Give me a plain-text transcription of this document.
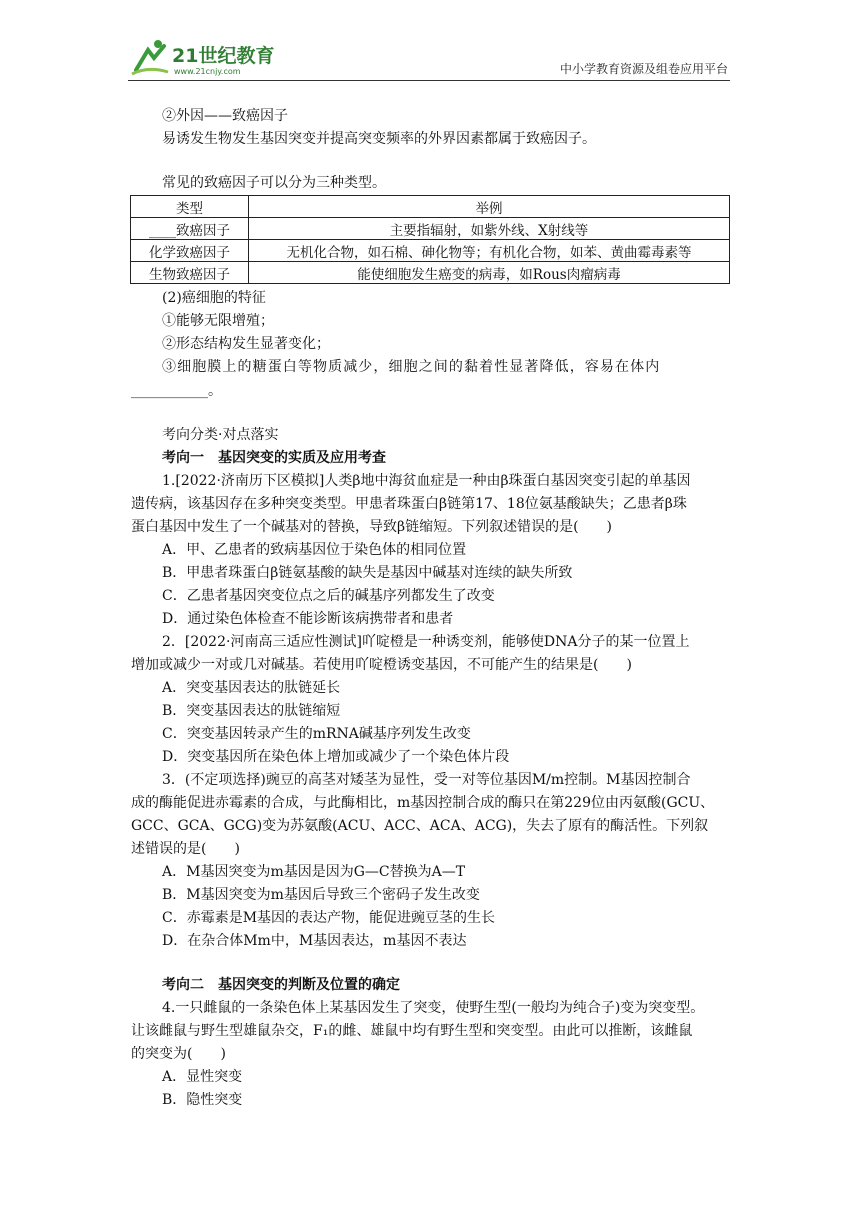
21世纪教育
www.21cnjy.com	中小学教育资源及组卷应用平台
②外因——致癌因子
易诱发生物发生基因突变并提高突变频率的外界因素都属于致癌因子。
常见的致癌因子可以分为三种类型。
类型	举例
____致癌因子	主要指辐射，如紫外线、X射线等
化学致癌因子	无机化合物，如石棉、砷化物等；有机化合物，如苯、黄曲霉毒素等
生物致癌因子	能使细胞发生癌变的病毒，如Rous肉瘤病毒
(2)癌细胞的特征
①能够无限增殖；
②形态结构发生显著变化；
③细胞膜上的糖蛋白等物质减少，细胞之间的黏着性显著降低，容易在体内
___________。
考向分类·对点落实
考向一　基因突变的实质及应用考查
1.[2022·济南历下区模拟]人类β地中海贫血症是一种由β珠蛋白基因突变引起的单基因
遗传病，该基因存在多种突变类型。甲患者珠蛋白β链第17、18位氨基酸缺失；乙患者β珠
蛋白基因中发生了一个碱基对的替换，导致β链缩短。下列叙述错误的是(　　)
A．甲、乙患者的致病基因位于染色体的相同位置
B．甲患者珠蛋白β链氨基酸的缺失是基因中碱基对连续的缺失所致
C．乙患者基因突变位点之后的碱基序列都发生了改变
D．通过染色体检查不能诊断该病携带者和患者
2．[2022·河南高三适应性测试]吖啶橙是一种诱变剂，能够使DNA分子的某一位置上
增加或减少一对或几对碱基。若使用吖啶橙诱变基因，不可能产生的结果是(　　)
A．突变基因表达的肽链延长
B．突变基因表达的肽链缩短
C．突变基因转录产生的mRNA碱基序列发生改变
D．突变基因所在染色体上增加或减少了一个染色体片段
3．(不定项选择)豌豆的高茎对矮茎为显性，受一对等位基因M/m控制。M基因控制合
成的酶能促进赤霉素的合成，与此酶相比，m基因控制合成的酶只在第229位由丙氨酸(GCU、
GCC、GCA、GCG)变为苏氨酸(ACU、ACC、ACA、ACG)，失去了原有的酶活性。下列叙
述错误的是(　　)
A．M基因突变为m基因是因为G—C替换为A—T
B．M基因突变为m基因后导致三个密码子发生改变
C．赤霉素是M基因的表达产物，能促进豌豆茎的生长
D．在杂合体Mm中，M基因表达，m基因不表达
考向二　基因突变的判断及位置的确定
4.一只雌鼠的一条染色体上某基因发生了突变，使野生型(一般均为纯合子)变为突变型。
让该雌鼠与野生型雄鼠杂交，F₁的雌、雄鼠中均有野生型和突变型。由此可以推断，该雌鼠
的突变为(　　)
A．显性突变
B．隐性突变
